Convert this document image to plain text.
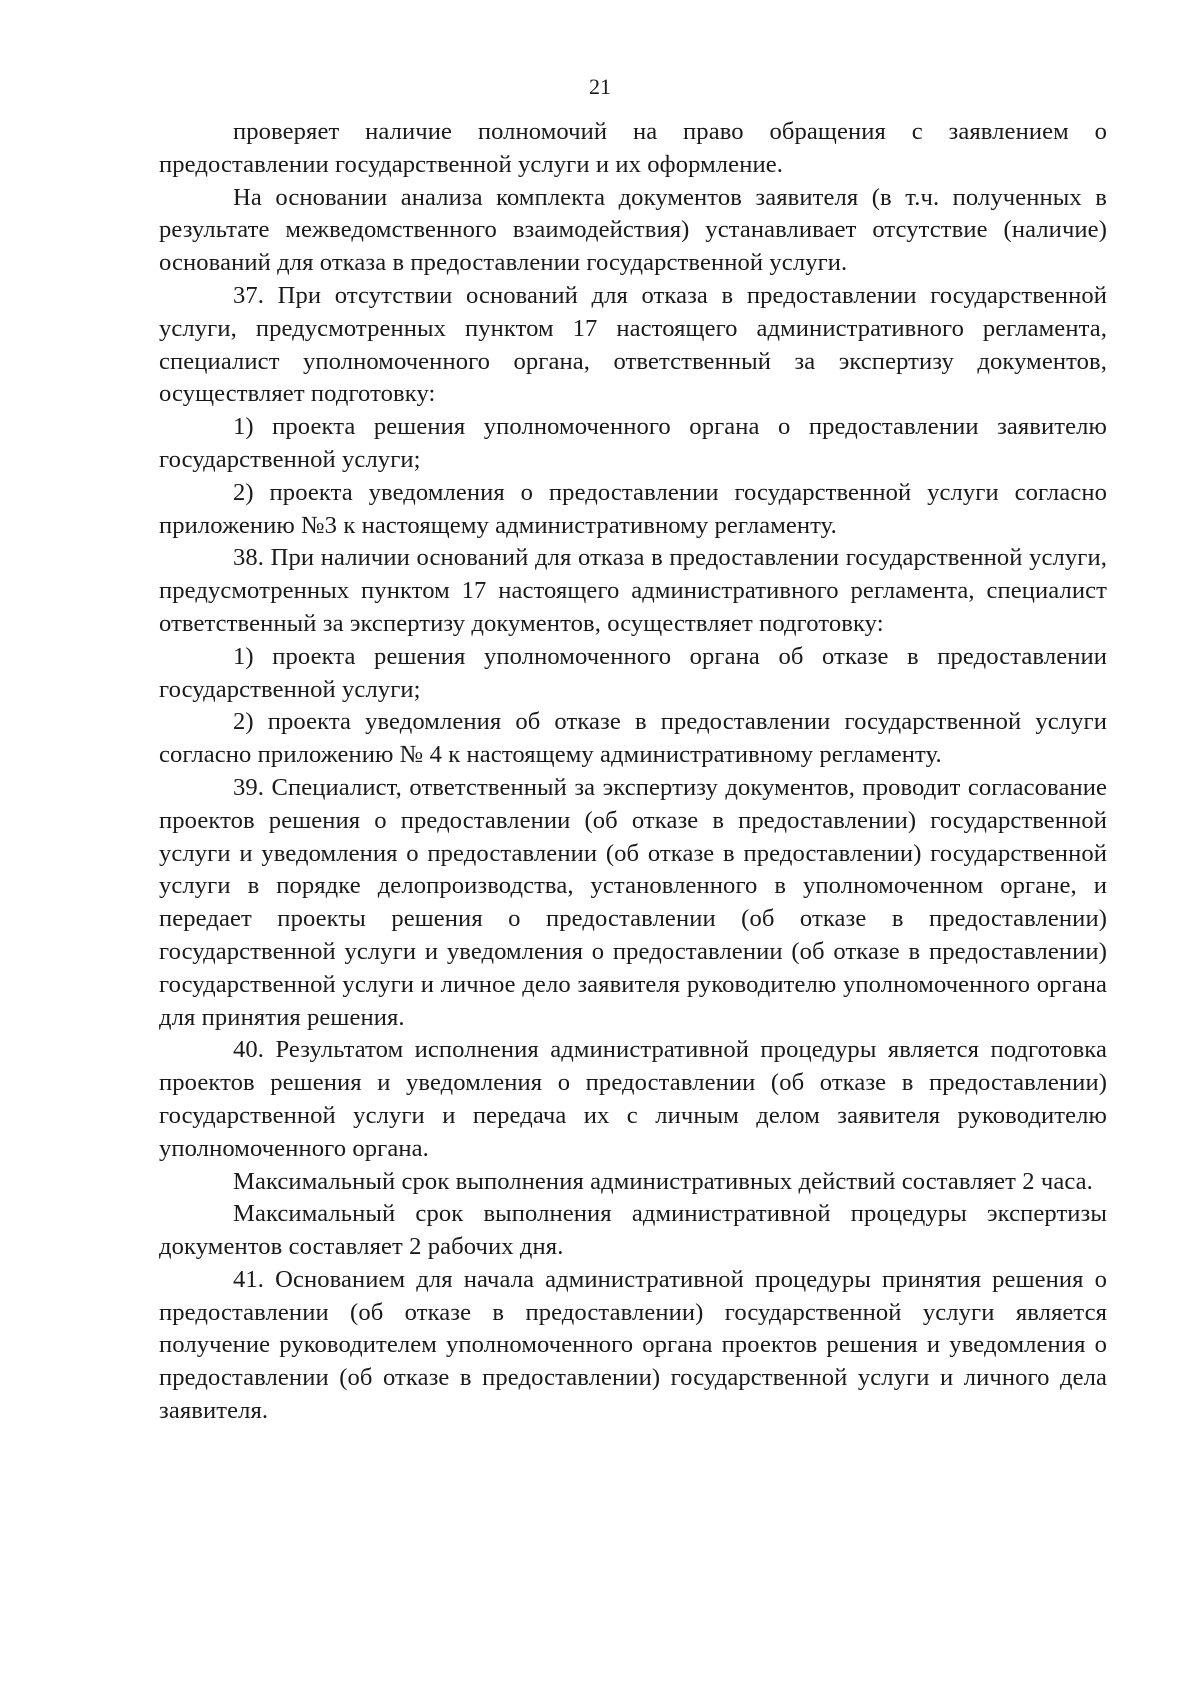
21

проверяет наличие полномочий на право обращения с заявлением о предоставлении государственной услуги и их оформление.

На основании анализа комплекта документов заявителя (в т.ч. полученных в результате межведомственного взаимодействия) устанавливает отсутствие (наличие) оснований для отказа в предоставлении государственной услуги.

37. При отсутствии оснований для отказа в предоставлении государственной услуги, предусмотренных пунктом 17 настоящего административного регламента, специалист уполномоченного органа, ответственный за экспертизу документов, осуществляет подготовку:

1) проекта решения уполномоченного органа о предоставлении заявителю государственной услуги;

2) проекта уведомления о предоставлении государственной услуги согласно приложению №3 к настоящему административному регламенту.

38. При наличии оснований для отказа в предоставлении государственной услуги, предусмотренных пунктом 17 настоящего административного регламента, специалист ответственный за экспертизу документов, осуществляет подготовку:

1) проекта решения уполномоченного органа об отказе в предоставлении государственной услуги;

2) проекта уведомления об отказе в предоставлении государственной услуги согласно приложению № 4 к настоящему административному регламенту.

39. Специалист, ответственный за экспертизу документов, проводит согласование проектов решения о предоставлении (об отказе в предоставлении) государственной услуги и уведомления о предоставлении (об отказе в предоставлении) государственной услуги в порядке делопроизводства, установленного в уполномоченном органе, и передает проекты решения о предоставлении (об отказе в предоставлении) государственной услуги и уведомления о предоставлении (об отказе в предоставлении) государственной услуги и личное дело заявителя руководителю уполномоченного органа для принятия решения.

40. Результатом исполнения административной процедуры является подготовка проектов решения и уведомления о предоставлении (об отказе в предоставлении) государственной услуги и передача их с личным делом заявителя руководителю уполномоченного органа.

Максимальный срок выполнения административных действий составляет 2 часа.

Максимальный срок выполнения административной процедуры экспертизы документов составляет 2 рабочих дня.

41. Основанием для начала административной процедуры принятия решения о предоставлении (об отказе в предоставлении) государственной услуги является получение руководителем уполномоченного органа проектов решения и уведомления о предоставлении (об отказе в предоставлении) государственной услуги и личного дела заявителя.
